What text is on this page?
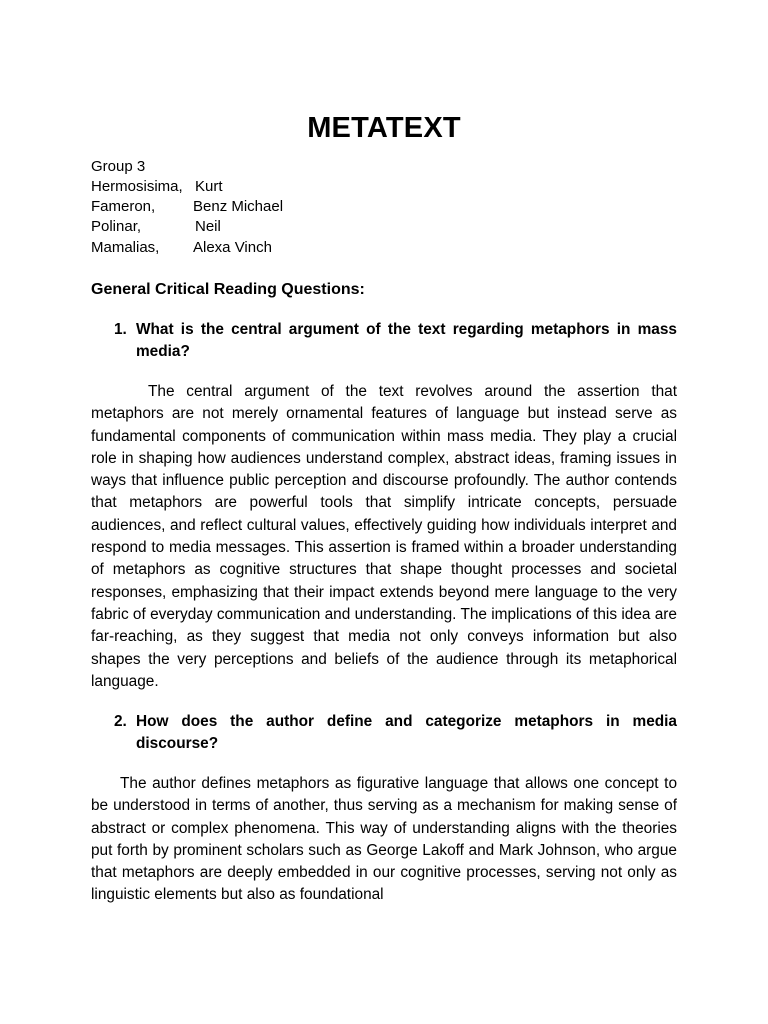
METATEXT
Group 3
Hermosisima, Kurt
Fameron,	Benz Michael
Polinar,	Neil
Mamalias, Alexa Vinch
General Critical Reading Questions:
1. What is the central argument of the text regarding metaphors in mass media?

The central argument of the text revolves around the assertion that metaphors are not merely ornamental features of language but instead serve as fundamental components of communication within mass media. They play a crucial role in shaping how audiences understand complex, abstract ideas, framing issues in ways that influence public perception and discourse profoundly. The author contends that metaphors are powerful tools that simplify intricate concepts, persuade audiences, and reflect cultural values, effectively guiding how individuals interpret and respond to media messages. This assertion is framed within a broader understanding of metaphors as cognitive structures that shape thought processes and societal responses, emphasizing that their impact extends beyond mere language to the very fabric of everyday communication and understanding. The implications of this idea are far-reaching, as they suggest that media not only conveys information but also shapes the very perceptions and beliefs of the audience through its metaphorical language.

2. How does the author define and categorize metaphors in media discourse?

The author defines metaphors as figurative language that allows one concept to be understood in terms of another, thus serving as a mechanism for making sense of abstract or complex phenomena. This way of understanding aligns with the theories put forth by prominent scholars such as George Lakoff and Mark Johnson, who argue that metaphors are deeply embedded in our cognitive processes, serving not only as linguistic elements but also as foundational
